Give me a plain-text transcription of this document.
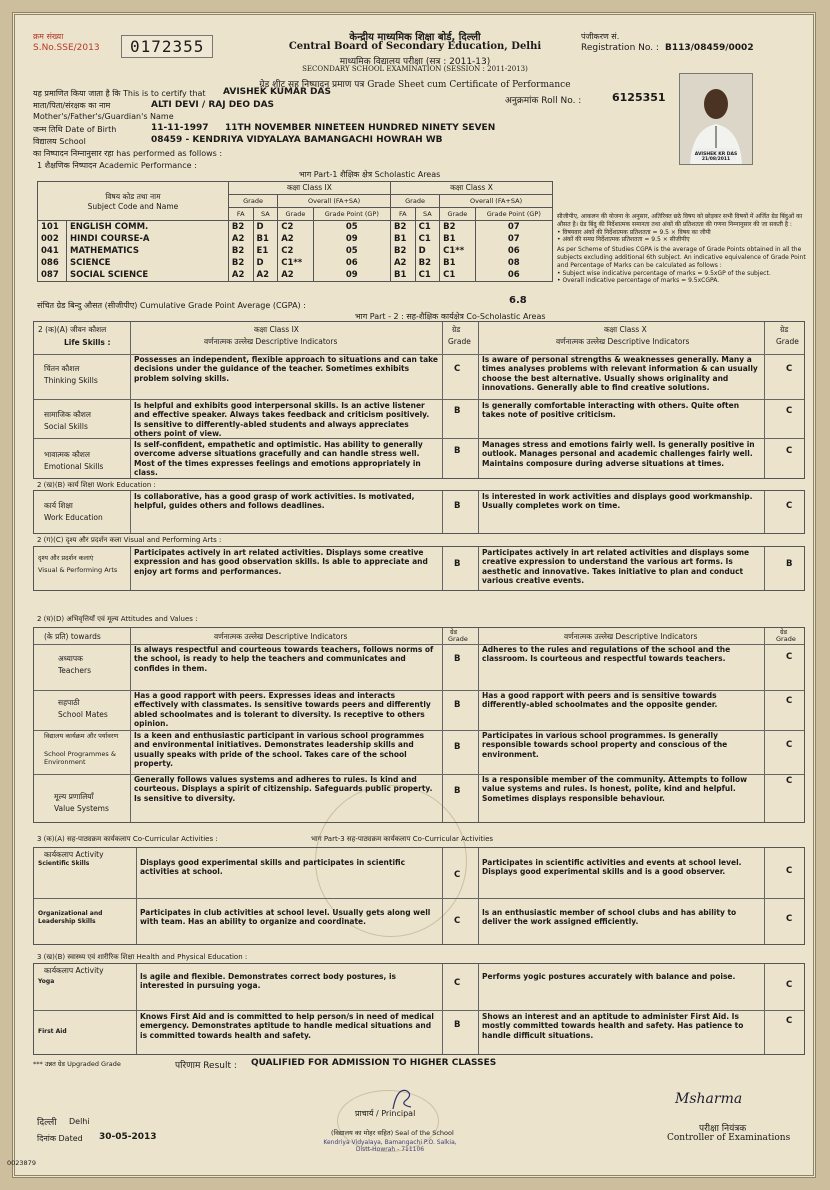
क्रम संख्या
S.No.SSE/2013	0172355	केन्द्रीय माध्यमिक शिक्षा बोर्ड, दिल्ली
Central Board of Secondary Education, Delhi
माध्यमिक विद्यालय परीक्षा (सत्र : 2011-13)
SECONDARY SCHOOL EXAMINATION (SESSION : 2011-2013)
ग्रेड शीट सह निष्पादन प्रमाण पत्र Grade Sheet cum Certificate of Performance
पंजीकरण सं.
Registration No. : B113/08459/0002
अनुक्रमांक Roll No. :	6125351
AVISHEK KR DAS 21/08/2011
यह प्रमाणित किया जाता है कि This is to certify that AVISHEK KUMAR DAS
माता/पिता/संरक्षक का नाम	ALTI DEVI / RAJ DEO DAS
Mother's/Father's/Guardian's Name
जन्म तिथि Date of Birth	11-11-1997 11TH NOVEMBER NINETEEN HUNDRED NINETY SEVEN
विद्यालय School	08459 - KENDRIYA VIDYALAYA BAMANGACHI HOWRAH WB
का निष्पादन निम्नानुसार रहा has performed as follows :
1 शैक्षणिक निष्पादन Academic Performance :
भाग Part-1 शैक्षिक क्षेत्र Scholastic Areas
विषय कोड तथा नाम
Subject Code and Name		कक्षा Class IX				कक्षा Class X			
		Grade		Overall (FA+SA)		Grade		Overall (FA+SA)	
		FA	SA	Grade	Grade Point (GP)	FA	SA	Grade	Grade Point (GP)
101	ENGLISH COMM.	B2	D	C2	05	B2	C1	B2	07
002	HINDI COURSE-A	A2	B1	A2	09	B1	C1	B1	07
041	MATHEMATICS	B2	E1	C2	05	B2	D	C1**	06
086	SCIENCE	B2	D	C1**	06	A2	B2	B1	08
087	SOCIAL SCIENCE	A2	A2	A2	09	B1	C1	C1	06
सीजीपीए, आकलन की योजना के अनुसार, अतिरिक्त छठे विषय को छोड़कर सभी विषयों में अर्जित ग्रेड बिंदुओं का औसत है। ग्रेड बिंदु की निर्देशात्मक समानता तथा अंकों की प्रतिशतता की गणना निम्नानुसार की जा सकती है :
• विषयवार अंकों की निर्देशात्मक प्रतिशतता = 9.5 × विषय का जीपी
• अंकों की समग्र निर्देशात्मक प्रतिशतता = 9.5 × सीजीपीए
As per Scheme of Studies CGPA is the average of Grade Points obtained in all the subjects excluding additional 6th subject. An indicative equivalence of Grade Point and Percentage of Marks can be calculated as follows :
• Subject wise indicative percentage of marks = 9.5xGP of the subject.
• Overall indicative percentage of marks = 9.5xCGPA.
संचित ग्रेड बिन्दु औसत (सीजीपीए) Cumulative Grade Point Average (CGPA) :	6.8
भाग Part - 2 : सह-शैक्षिक कार्यक्षेत्र Co-Scholastic Areas
2 (क)(A) जीवन कौशल
Life Skills :
कक्षा Class IX
वर्णनात्मक उल्लेख Descriptive Indicators
ग्रेड
Grade
कक्षा Class X
वर्णनात्मक उल्लेख Descriptive Indicators
ग्रेड
Grade
चिंतन कौशल
Thinking Skills
Possesses an independent, flexible approach to situations and can take decisions under the guidance of the teacher. Sometimes exhibits problem solving skills.
C
Is aware of personal strengths & weaknesses generally. Many a times analyses problems with relevant information & can usually choose the best alternative. Usually shows originality and innovations. Generally able to find creative solutions.
C
सामाजिक कौशल
Social Skills
Is helpful and exhibits good interpersonal skills. Is an active listener and effective speaker. Always takes feedback and criticism positively. Is sensitive to differently-abled students and always appreciates others point of view.
B
Is generally comfortable interacting with others. Quite often takes note of positive criticism.	C
भावात्मक कौशल
Emotional Skills
Is self-confident, empathetic and optimistic. Has ability to generally overcome adverse situations gracefully and can handle stress well. Most of the times expresses feelings and emotions appropriately in class.
B
Manages stress and emotions fairly well. Is generally positive in outlook. Manages personal and academic challenges fairly well. Maintains composure during adverse situations at times.
C
2 (ख)(B) कार्य शिक्षा Work Education :
कार्य शिक्षा
Work Education
Is collaborative, has a good grasp of work activities. Is motivated, helpful, guides others and follows deadlines.	B
Is interested in work activities and displays good workmanship. Usually completes work on time.	C
2 (ग)(C) दृश्य और प्रदर्शन कला Visual and Performing Arts :
दृश्य और प्रदर्शन कलाएं
Visual & Performing Arts
Participates actively in art related activities. Displays some creative expression and has good observation skills. Is able to appreciate and enjoy art forms and performances.
B
Participates actively in art related activities and displays some creative expression to understand the various art forms. Is aesthetic and innovative. Takes initiative to plan and conduct various creative events.
B
2 (घ)(D) अभिवृत्तियाँ एवं मूल्य Attitudes and Values :
(के प्रति) towards	वर्णनात्मक उल्लेख Descriptive Indicators	ग्रेड
Grade	वर्णनात्मक उल्लेख Descriptive Indicators	ग्रेड
Grade
अध्यापक
Teachers
Is always respectful and courteous towards teachers, follows norms of the school, is ready to help the teachers and communicates and confides in them.
B
Adheres to the rules and regulations of the school and the classroom. Is courteous and respectful towards teachers.	C
सहपाठी
School Mates
Has a good rapport with peers. Expresses ideas and interacts effectively with classmates. Is sensitive towards peers and differently abled schoolmates and is tolerant to diversity. Is receptive to others opinion.
B
Has a good rapport with peers and is sensitive towards differently-abled schoolmates and the opposite gender.	C
विद्यालय कार्यक्रम और पर्यावरण
School Programmes & Environment
Is a keen and enthusiastic participant in various school programmes and environmental initiatives. Demonstrates leadership skills and usually speaks with pride of the school. Takes care of the school property.
B
Participates in various school programmes. Is generally responsible towards school property and conscious of the environment.
C
मूल्य प्रणालियाँ
Value Systems
Generally follows values systems and adheres to rules. Is kind and courteous. Displays a spirit of citizenship. Safeguards public property. Is sensitive to diversity.
B
Is a responsible member of the community. Attempts to follow value systems and rules. Is honest, polite, kind and helpful. Sometimes displays responsible behaviour.
C
3 (क)(A) सह-पाठ्यक्रम कार्यकलाप Co-Curricular Activities :	भाग Part-3 सह-पाठ्यक्रम कार्यकलाप Co-Curricular Activities
कार्यकलाप Activity
Scientific Skills	Displays good experimental skills and participates in scientific activities at school.	C
Participates in scientific activities and events at school level. Displays good experimental skills and is a good observer.	C
Organizational and Leadership Skills
Participates in club activities at school level. Usually gets along well with team. Has an ability to organize and coordinate.	C
Is an enthusiastic member of school clubs and has ability to deliver the work assigned efficiently.	C
3 (ख)(B) स्वास्थ्य एवं शारीरिक शिक्षा Health and Physical Education :
कार्यकलाप Activity
Yoga
Is agile and flexible. Demonstrates correct body postures, is interested in pursuing yoga.	C
Performs yogic postures accurately with balance and poise.
C
First Aid
Knows First Aid and is committed to help person/s in need of medical emergency. Demonstrates aptitude to handle medical situations and is committed towards health and safety.
B
Shows an interest and an aptitude to administer First Aid. Is mostly committed towards health and safety. Has patience to handle difficult situations.
C
*** उन्नत ग्रेड Upgraded Grade	परिणाम Result : QUALIFIED FOR ADMISSION TO HIGHER CLASSES
दिल्ली Delhi
दिनांक Dated 30-05-2013
प्राचार्य / Principal
(विद्यालय का मोहर सहित) Seal of the School
Kendriya Vidyalaya, Bamangachi P.O. Salkia, Distt-Howrah - 711106
Msharma
परीक्षा नियंत्रक
Controller of Examinations
0023879
